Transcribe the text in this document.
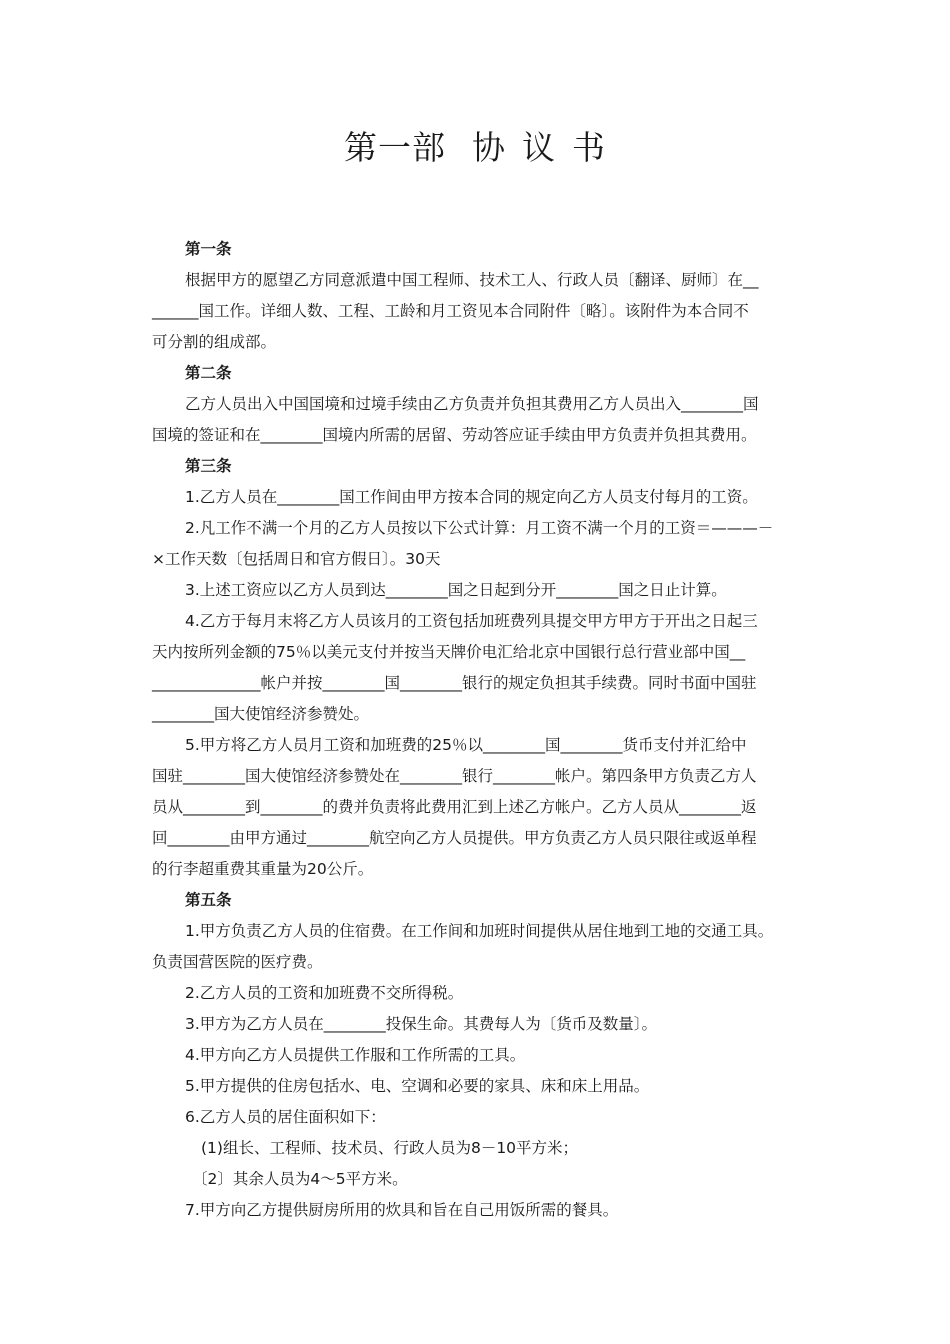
第一部 协 议 书
第一条
根据甲方的愿望乙方同意派遣中国工程师、技术工人、行政人员〔翻译、厨师〕在__
______国工作。详细人数、工程、工龄和月工资见本合同附件〔略〕。该附件为本合同不
可分割的组成部。
第二条
乙方人员出入中国国境和过境手续由乙方负责并负担其费用乙方人员出入________国
国境的签证和在________国境内所需的居留、劳动答应证手续由甲方负责并负担其费用。
第三条
1.乙方人员在________国工作间由甲方按本合同的规定向乙方人员支付每月的工资。
2.凡工作不满一个月的乙方人员按以下公式计算：月工资不满一个月的工资＝———－
×工作天数〔包括周日和官方假日〕。30天
3.上述工资应以乙方人员到达________国之日起到分开________国之日止计算。
4.乙方于每月末将乙方人员该月的工资包括加班费列具提交甲方甲方于开出之日起三
天内按所列金额的75％以美元支付并按当天牌价电汇给北京中国银行总行营业部中国__
______________帐户并按________国________银行的规定负担其手续费。同时书面中国驻
________国大使馆经济参赞处。
5.甲方将乙方人员月工资和加班费的25％以________国________货币支付并汇给中
国驻________国大使馆经济参赞处在________银行________帐户。第四条甲方负责乙方人
员从________到________的费并负责将此费用汇到上述乙方帐户。乙方人员从________返
回________由甲方通过________航空向乙方人员提供。甲方负责乙方人员只限往或返单程
的行李超重费其重量为20公斤。
第五条
1.甲方负责乙方人员的住宿费。在工作间和加班时间提供从居住地到工地的交通工具。
负责国营医院的医疗费。
2.乙方人员的工资和加班费不交所得税。
3.甲方为乙方人员在________投保生命。其费每人为〔货币及数量〕。
4.甲方向乙方人员提供工作服和工作所需的工具。
5.甲方提供的住房包括水、电、空调和必要的家具、床和床上用品。
6.乙方人员的居住面积如下：
(1)组长、工程师、技术员、行政人员为8－10平方米；
〔2〕其余人员为4～5平方米。
7.甲方向乙方提供厨房所用的炊具和旨在自己用饭所需的餐具。
